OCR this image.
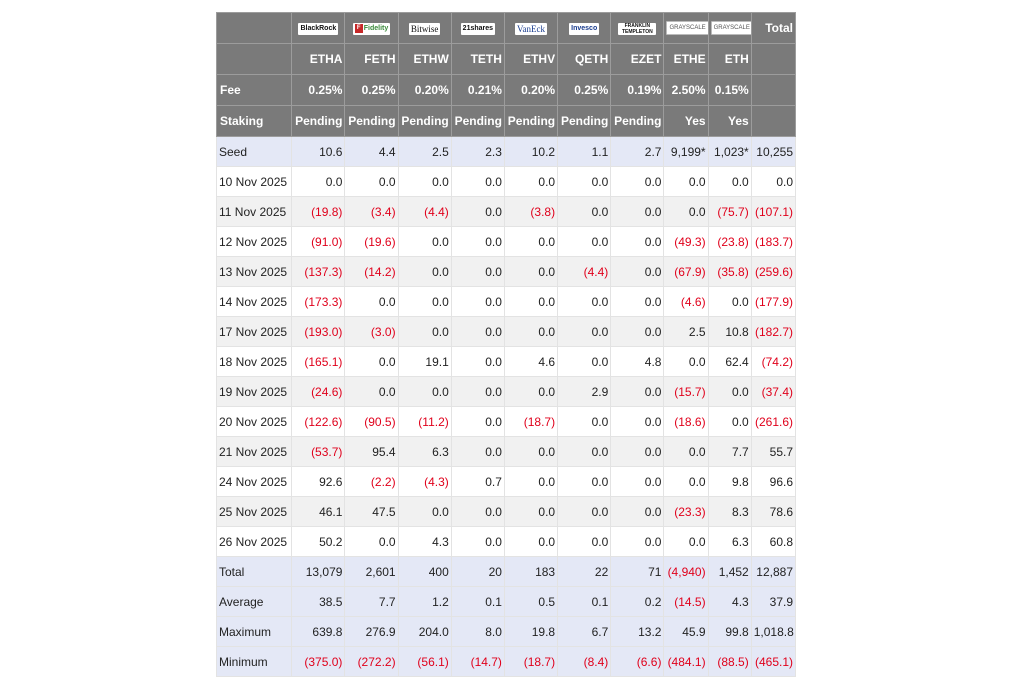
	BlackRock	F Fidelity	Bitwise	21shares	VanEck	Invesco	FRANKLIN TEMPLETON	GRAYSCALE	GRAYSCALE	Total
	ETHA	FETH	ETHW	TETH	ETHV	QETH	EZET	ETHE	ETH	
Fee	0.25%	0.25%	0.20%	0.21%	0.20%	0.25%	0.19%	2.50%	0.15%	
Staking	Pending	Pending	Pending	Pending	Pending	Pending	Pending	Yes	Yes	
Seed	10.6	4.4	2.5	2.3	10.2	1.1	2.7	9,199*	1,023*	10,255
10 Nov 2025	0.0	0.0	0.0	0.0	0.0	0.0	0.0	0.0	0.0	0.0
11 Nov 2025	(19.8)	(3.4)	(4.4)	0.0	(3.8)	0.0	0.0	0.0	(75.7)	(107.1)
12 Nov 2025	(91.0)	(19.6)	0.0	0.0	0.0	0.0	0.0	(49.3)	(23.8)	(183.7)
13 Nov 2025	(137.3)	(14.2)	0.0	0.0	0.0	(4.4)	0.0	(67.9)	(35.8)	(259.6)
14 Nov 2025	(173.3)	0.0	0.0	0.0	0.0	0.0	0.0	(4.6)	0.0	(177.9)
17 Nov 2025	(193.0)	(3.0)	0.0	0.0	0.0	0.0	0.0	2.5	10.8	(182.7)
18 Nov 2025	(165.1)	0.0	19.1	0.0	4.6	0.0	4.8	0.0	62.4	(74.2)
19 Nov 2025	(24.6)	0.0	0.0	0.0	0.0	2.9	0.0	(15.7)	0.0	(37.4)
20 Nov 2025	(122.6)	(90.5)	(11.2)	0.0	(18.7)	0.0	0.0	(18.6)	0.0	(261.6)
21 Nov 2025	(53.7)	95.4	6.3	0.0	0.0	0.0	0.0	0.0	7.7	55.7
24 Nov 2025	92.6	(2.2)	(4.3)	0.7	0.0	0.0	0.0	0.0	9.8	96.6
25 Nov 2025	46.1	47.5	0.0	0.0	0.0	0.0	0.0	(23.3)	8.3	78.6
26 Nov 2025	50.2	0.0	4.3	0.0	0.0	0.0	0.0	0.0	6.3	60.8
Total	13,079	2,601	400	20	183	22	71	(4,940)	1,452	12,887
Average	38.5	7.7	1.2	0.1	0.5	0.1	0.2	(14.5)	4.3	37.9
Maximum	639.8	276.9	204.0	8.0	19.8	6.7	13.2	45.9	99.8	1,018.8
Minimum	(375.0)	(272.2)	(56.1)	(14.7)	(18.7)	(8.4)	(6.6)	(484.1)	(88.5)	(465.1)
